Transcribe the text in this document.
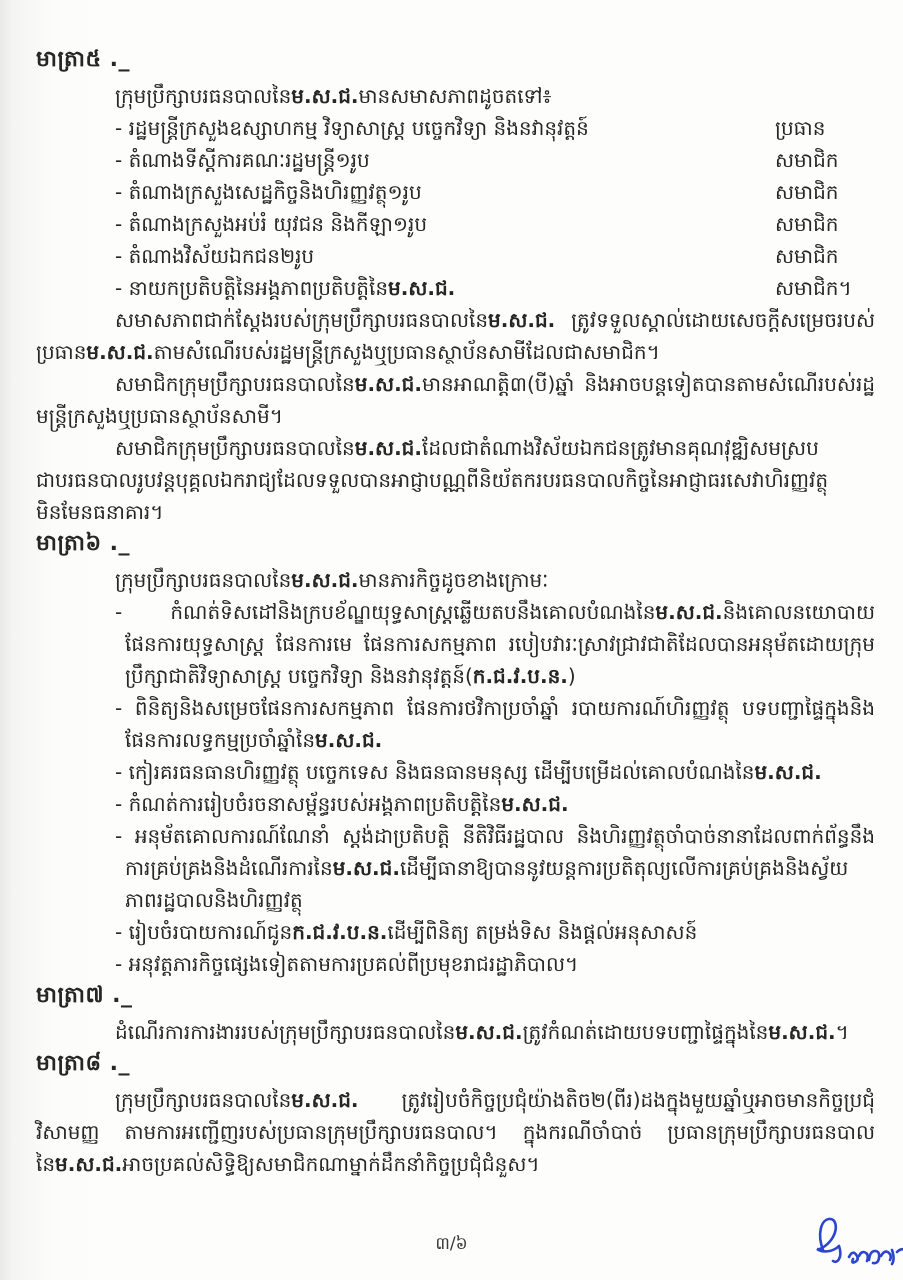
មាត្រា៥ ._

ក្រុមប្រឹក្សាបរធនបាលនៃម.ស.ជ.មានសមាសភាពដូចតទៅ៖

- រដ្ឋមន្ត្រីក្រសួងឧស្សាហកម្ម វិទ្យាសាស្ត្រ បច្ចេកវិទ្យា និងនវានុវត្តន៍	ប្រធាន
- តំណាងទីស្តីការគណៈរដ្ឋមន្ត្រី១រូប	សមាជិក
- តំណាងក្រសួងសេដ្ឋកិច្ចនិងហិរញ្ញវត្ថុ១រូប	សមាជិក
- តំណាងក្រសួងអប់រំ យុវជន និងកីឡា១រូប	សមាជិក
- តំណាងវិស័យឯកជន២រូប	សមាជិក
- នាយកប្រតិបត្តិនៃអង្គភាពប្រតិបត្តិនៃម.ស.ជ.	សមាជិក។

សមាសភាពជាក់ស្តែងរបស់ក្រុមប្រឹក្សាបរធនបាលនៃម.ស.ជ. ត្រូវទទួលស្គាល់ដោយសេចក្តីសម្រេចរបស់ប្រធានម.ស.ជ.តាមសំណើរបស់រដ្ឋមន្ត្រីក្រសួងឬប្រធានស្ថាប័នសាមីដែលជាសមាជិក។

សមាជិកក្រុមប្រឹក្សាបរធនបាលនៃម.ស.ជ.មានអាណត្តិ៣(បី)ឆ្នាំ និងអាចបន្តទៀតបានតាមសំណើរបស់រដ្ឋមន្ត្រីក្រសួងឬប្រធានស្ថាប័នសាមី។

សមាជិកក្រុមប្រឹក្សាបរធនបាលនៃម.ស.ជ.ដែលជាតំណាងវិស័យឯកជនត្រូវមានគុណវុឌ្ឍិសមស្របជាបរធនបាលរូបវន្តបុគ្គលឯករាជ្យដែលទទួលបានអាជ្ញាបណ្ណពីនិយ័តករបរធនបាលកិច្ចនៃអាជ្ញាធរសេវាហិរញ្ញវត្ថុមិនមែនធនាគារ។

មាត្រា៦ ._

ក្រុមប្រឹក្សាបរធនបាលនៃម.ស.ជ.មានភារកិច្ចដូចខាងក្រោមៈ

- កំណត់ទិសដៅនិងក្របខ័ណ្ឌយុទ្ធសាស្ត្រឆ្លើយតបនឹងគោលបំណងនៃម.ស.ជ.និងគោលនយោបាយ ផែនការយុទ្ធសាស្ត្រ ផែនការមេ ផែនការសកម្មភាព របៀបវារៈស្រាវជ្រាវជាតិដែលបានអនុម័តដោយក្រុមប្រឹក្សាជាតិវិទ្យាសាស្ត្រ បច្ចេកវិទ្យា និងនវានុវត្តន៍(ក.ជ.វ.ប.ន.)

- ពិនិត្យនិងសម្រេចផែនការសកម្មភាព ផែនការថវិកាប្រចាំឆ្នាំ របាយការណ៍ហិរញ្ញវត្ថុ បទបញ្ជាផ្ទៃក្នុងនិងផែនការលទ្ធកម្មប្រចាំឆ្នាំនៃម.ស.ជ.

- កៀរគរធនធានហិរញ្ញវត្ថុ បច្ចេកទេស និងធនធានមនុស្ស ដើម្បីបម្រើដល់គោលបំណងនៃម.ស.ជ.

- កំណត់ការរៀបចំរចនាសម្ព័ន្ធរបស់អង្គភាពប្រតិបត្តិនៃម.ស.ជ.

- អនុម័តគោលការណ៍ណែនាំ ស្តង់ដាប្រតិបត្តិ នីតិវិធីរដ្ឋបាល និងហិរញ្ញវត្ថុចាំបាច់នានាដែលពាក់ព័ន្ធនឹងការគ្រប់គ្រងនិងដំណើរការនៃម.ស.ជ.ដើម្បីធានាឱ្យបាននូវយន្តការប្រតិតុល្យលើការគ្រប់គ្រងនិងស្វ័យភាពរដ្ឋបាលនិងហិរញ្ញវត្ថុ

- រៀបចំរបាយការណ៍ជូនក.ជ.វ.ប.ន.ដើម្បីពិនិត្យ តម្រង់ទិស និងផ្តល់អនុសាសន៍

- អនុវត្តភារកិច្ចផ្សេងទៀតតាមការប្រគល់ពីប្រមុខរាជរដ្ឋាភិបាល។

មាត្រា៧ ._

ដំណើរការការងាររបស់ក្រុមប្រឹក្សាបរធនបាលនៃម.ស.ជ.ត្រូវកំណត់ដោយបទបញ្ជាផ្ទៃក្នុងនៃម.ស.ជ.។

មាត្រា៨ ._

ក្រុមប្រឹក្សាបរធនបាលនៃម.ស.ជ. ត្រូវរៀបចំកិច្ចប្រជុំយ៉ាងតិច២(ពីរ)ដងក្នុងមួយឆ្នាំឬអាចមានកិច្ចប្រជុំវិសាមញ្ញ តាមការអញ្ជើញរបស់ប្រធានក្រុមប្រឹក្សាបរធនបាល។ ក្នុងករណីចាំបាច់ ប្រធានក្រុមប្រឹក្សាបរធនបាលនៃម.ស.ជ.អាចប្រគល់សិទ្ធិឱ្យសមាជិកណាម្នាក់ដឹកនាំកិច្ចប្រជុំជំនួស។

៣/៦
